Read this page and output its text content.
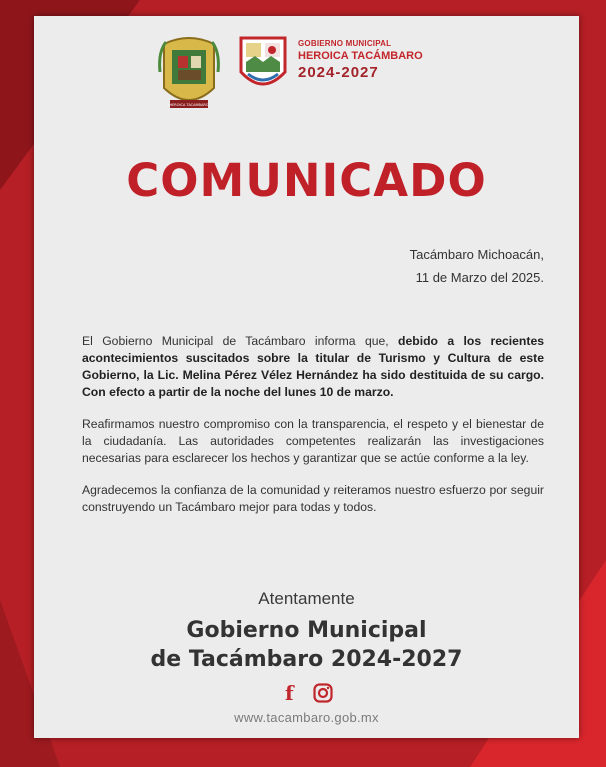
HEROICA TACAMBARO
GOBIERNO MUNICIPAL
HEROICA TACÁMBARO
2024-2027
COMUNICADO
Tacámbaro Michoacán,
11 de Marzo del 2025.

El Gobierno Municipal de Tacámbaro informa que, debido a los recientes acontecimientos suscitados sobre la titular de Turismo y Cultura de este Gobierno, la Lic. Melina Pérez Vélez Hernández ha sido destituida de su cargo. Con efecto a partir de la noche del lunes 10 de marzo.

Reafirmamos nuestro compromiso con la transparencia, el respeto y el bienestar de la ciudadanía. Las autoridades competentes realizarán las investigaciones necesarias para esclarecer los hechos y garantizar que se actúe conforme a la ley.

Agradecemos la confianza de la comunidad y reiteramos nuestro esfuerzo por seguir construyendo un Tacámbaro mejor para todas y todos.

Atentamente
Gobierno Municipal
de Tacámbaro 2024-2027
f
www.tacambaro.gob.mx
